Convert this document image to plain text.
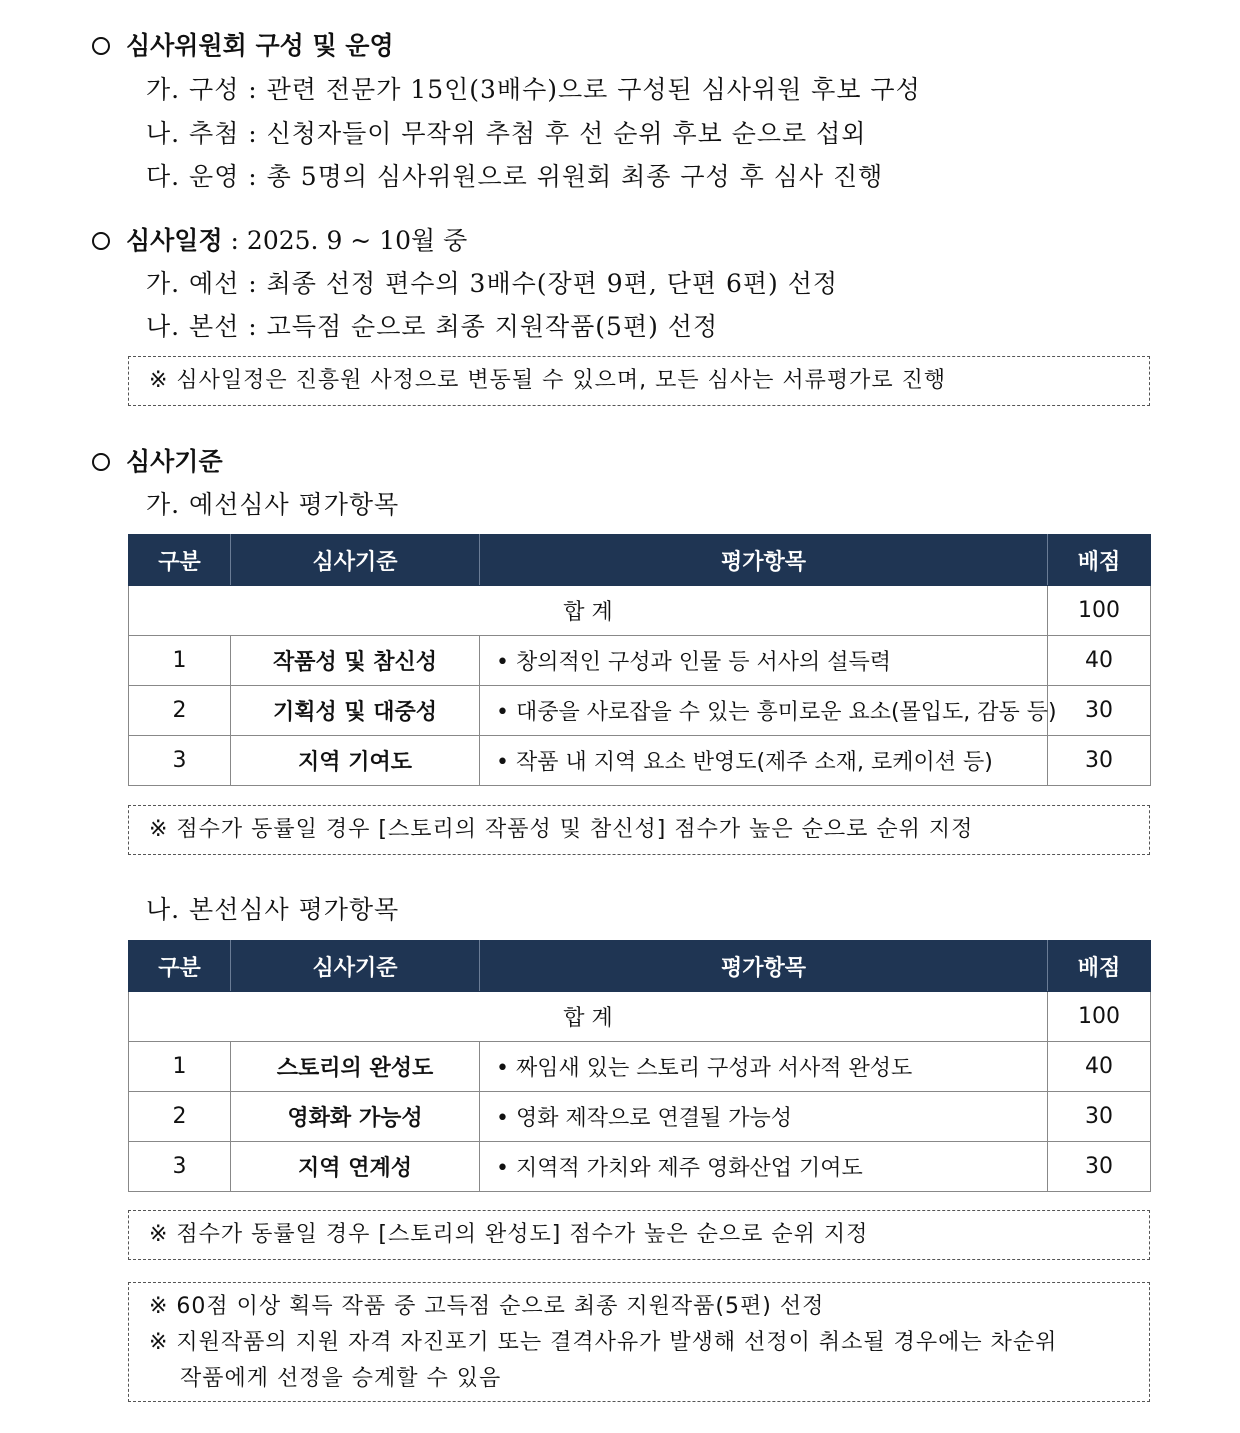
심사위원회 구성 및 운영
가. 구성 : 관련 전문가 15인(3배수)으로 구성된 심사위원 후보 구성
나. 추첨 : 신청자들이 무작위 추첨 후 선 순위 후보 순으로 섭외
다. 운영 : 총 5명의 심사위원으로 위원회 최종 구성 후 심사 진행
심사일정 : 2025. 9 ~ 10월 중
가. 예선 : 최종 선정 편수의 3배수(장편 9편, 단편 6편) 선정
나. 본선 : 고득점 순으로 최종 지원작품(5편) 선정
※ 심사일정은 진흥원 사정으로 변동될 수 있으며, 모든 심사는 서류평가로 진행
심사기준
가. 예선심사 평가항목
구분	심사기준	평가항목	배점
합 계			100
1	작품성 및 참신성	• 창의적인 구성과 인물 등 서사의 설득력	40
2	기획성 및 대중성	• 대중을 사로잡을 수 있는 흥미로운 요소(몰입도, 감동 등)	30
3	지역 기여도	• 작품 내 지역 요소 반영도(제주 소재, 로케이션 등)	30
※ 점수가 동률일 경우 [스토리의 작품성 및 참신성] 점수가 높은 순으로 순위 지정
나. 본선심사 평가항목
구분	심사기준	평가항목	배점
합 계			100
1	스토리의 완성도	• 짜임새 있는 스토리 구성과 서사적 완성도	40
2	영화화 가능성	• 영화 제작으로 연결될 가능성	30
3	지역 연계성	• 지역적 가치와 제주 영화산업 기여도	30
※ 점수가 동률일 경우 [스토리의 완성도] 점수가 높은 순으로 순위 지정
※ 60점 이상 획득 작품 중 고득점 순으로 최종 지원작품(5편) 선정
※ 지원작품의 지원 자격 자진포기 또는 결격사유가 발생해 선정이 취소될 경우에는 차순위
작품에게 선정을 승계할 수 있음
